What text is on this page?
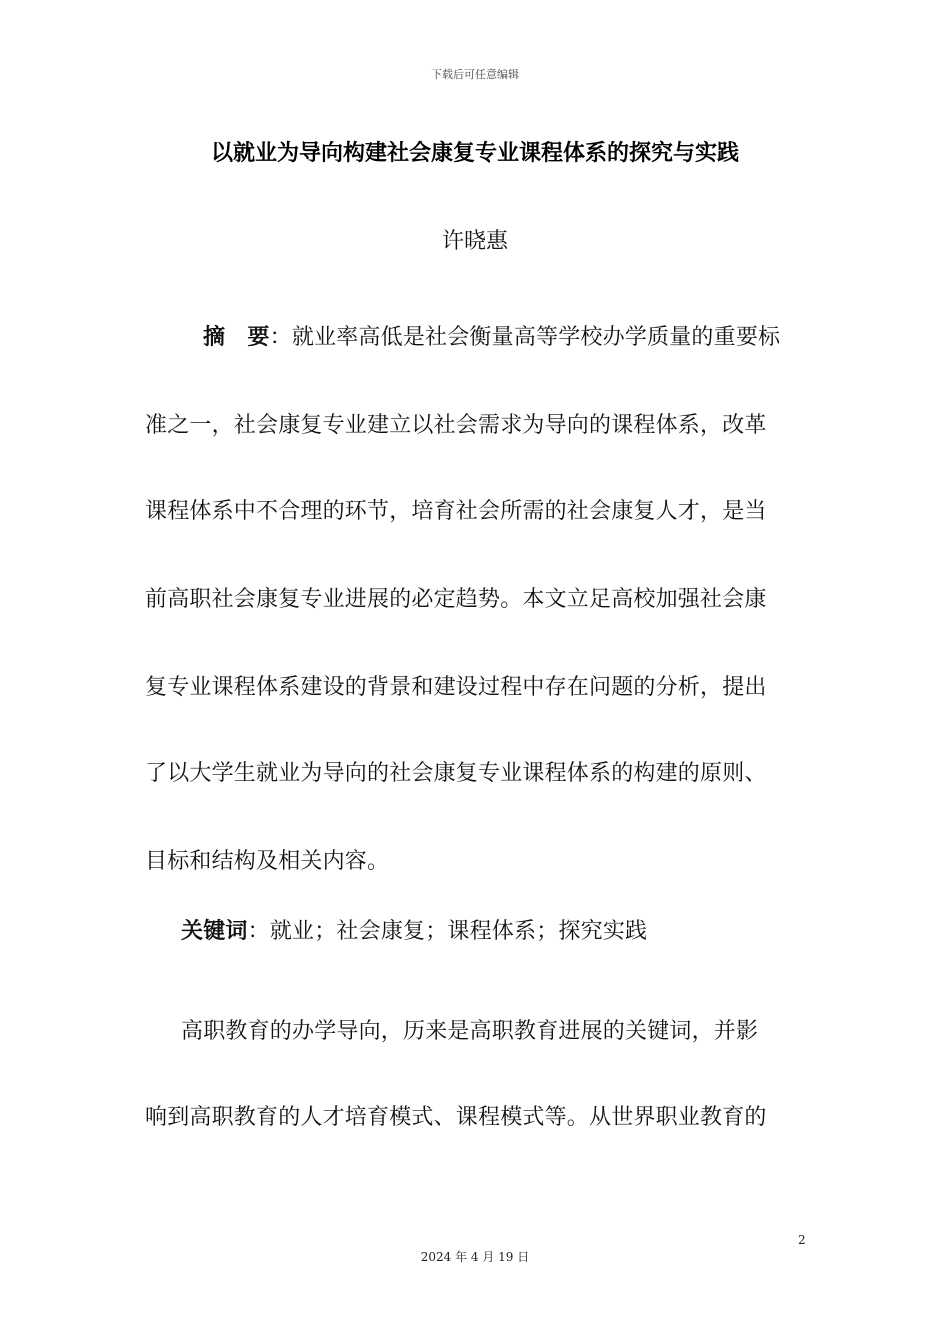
下载后可任意编辑
以就业为导向构建社会康复专业课程体系的探究与实践
许晓惠
摘　要：就业率高低是社会衡量高等学校办学质量的重要标
准之一，社会康复专业建立以社会需求为导向的课程体系，改革
课程体系中不合理的环节，培育社会所需的社会康复人才，是当
前高职社会康复专业进展的必定趋势。本文立足高校加强社会康
复专业课程体系建设的背景和建设过程中存在问题的分析，提出
了以大学生就业为导向的社会康复专业课程体系的构建的原则、
目标和结构及相关内容。
关键词：就业；社会康复；课程体系；探究实践
高职教育的办学导向，历来是高职教育进展的关键词，并影
响到高职教育的人才培育模式、课程模式等。从世界职业教育的
2
2024 年 4 月 19 日
